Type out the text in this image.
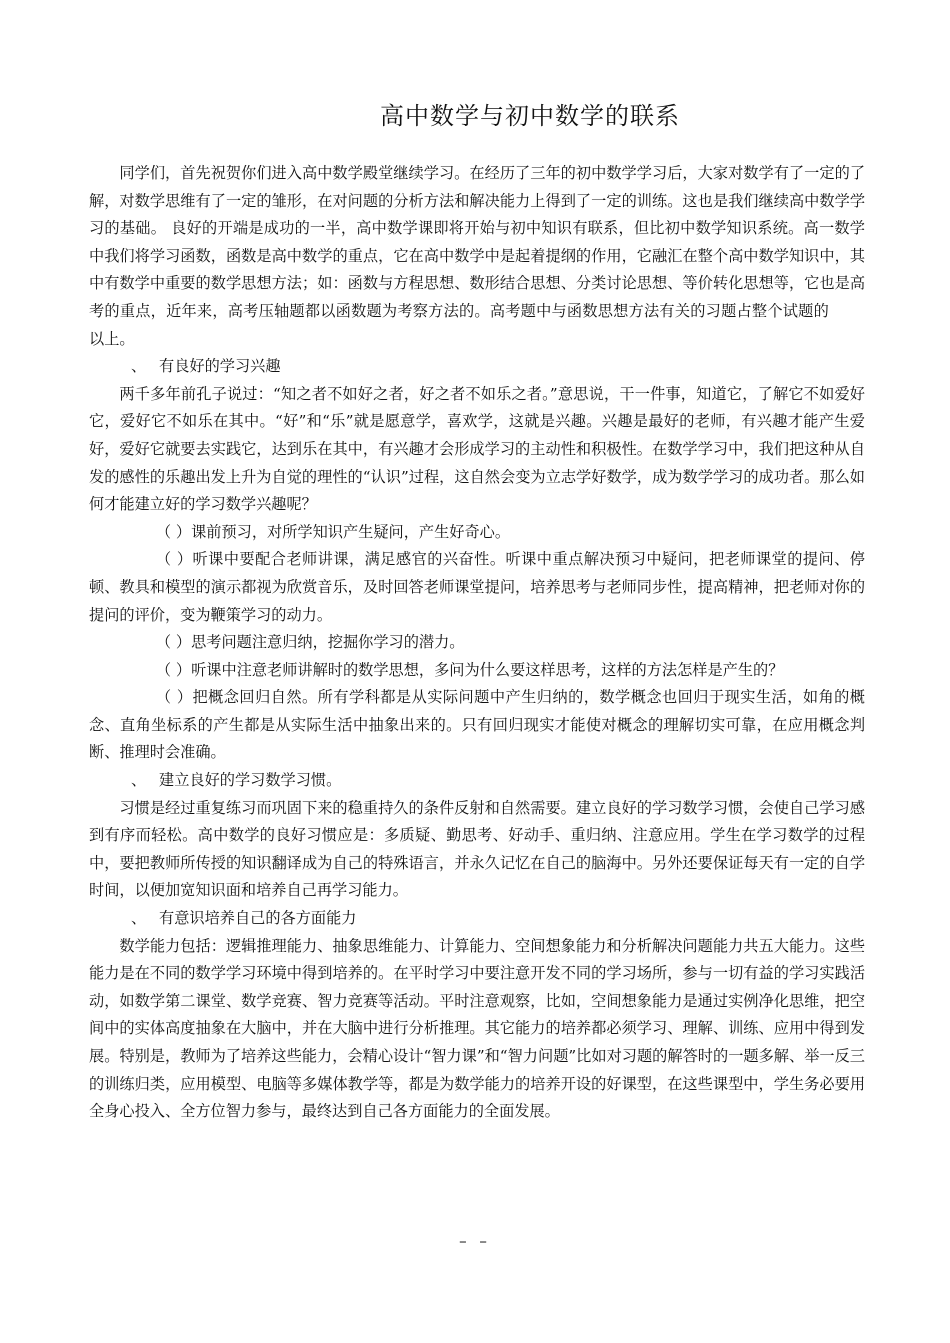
高中数学与初中数学的联系

同学们，首先祝贺你们进入高中数学殿堂继续学习。在经历了三年的初中数学学习后，大家对数学有了一定的了解，对数学思维有了一定的雏形，在对问题的分析方法和解决能力上得到了一定的训练。这也是我们继续高中数学学习的基础。 良好的开端是成功的一半，高中数学课即将开始与初中知识有联系，但比初中数学知识系统。高一数学中我们将学习函数，函数是高中数学的重点，它在高中数学中是起着提纲的作用，它融汇在整个高中数学知识中，其中有数学中重要的数学思想方法；如：函数与方程思想、数形结合思想、分类讨论思想、等价转化思想等，它也是高考的重点，近年来，高考压轴题都以函数题为考察方法的。高考题中与函数思想方法有关的习题占整个试题的以上。

、 有良好的学习兴趣

两千多年前孔子说过：“知之者不如好之者，好之者不如乐之者。”意思说，干一件事，知道它，了解它不如爱好它，爱好它不如乐在其中。“好”和“乐”就是愿意学，喜欢学，这就是兴趣。兴趣是最好的老师，有兴趣才能产生爱好，爱好它就要去实践它，达到乐在其中，有兴趣才会形成学习的主动性和积极性。在数学学习中，我们把这种从自发的感性的乐趣出发上升为自觉的理性的“认识”过程，这自然会变为立志学好数学，成为数学学习的成功者。那么如何才能建立好的学习数学兴趣呢？

（ ）课前预习，对所学知识产生疑问，产生好奇心。

（ ）听课中要配合老师讲课，满足感官的兴奋性。听课中重点解决预习中疑问，把老师课堂的提问、停顿、教具和模型的演示都视为欣赏音乐，及时回答老师课堂提问，培养思考与老师同步性，提高精神，把老师对你的提问的评价，变为鞭策学习的动力。

（ ）思考问题注意归纳，挖掘你学习的潜力。

（ ）听课中注意老师讲解时的数学思想，多问为什么要这样思考，这样的方法怎样是产生的？

（ ）把概念回归自然。所有学科都是从实际问题中产生归纳的，数学概念也回归于现实生活，如角的概念、直角坐标系的产生都是从实际生活中抽象出来的。只有回归现实才能使对概念的理解切实可靠，在应用概念判断、推理时会准确。

、 建立良好的学习数学习惯。

习惯是经过重复练习而巩固下来的稳重持久的条件反射和自然需要。建立良好的学习数学习惯，会使自己学习感到有序而轻松。高中数学的良好习惯应是：多质疑、勤思考、好动手、重归纳、注意应用。学生在学习数学的过程中，要把教师所传授的知识翻译成为自己的特殊语言，并永久记忆在自己的脑海中。另外还要保证每天有一定的自学时间，以便加宽知识面和培养自己再学习能力。

、 有意识培养自己的各方面能力

数学能力包括：逻辑推理能力、抽象思维能力、计算能力、空间想象能力和分析解决问题能力共五大能力。这些能力是在不同的数学学习环境中得到培养的。在平时学习中要注意开发不同的学习场所，参与一切有益的学习实践活动，如数学第二课堂、数学竞赛、智力竞赛等活动。平时注意观察，比如，空间想象能力是通过实例净化思维，把空间中的实体高度抽象在大脑中，并在大脑中进行分析推理。其它能力的培养都必须学习、理解、训练、应用中得到发展。特别是，教师为了培养这些能力，会精心设计“智力课”和“智力问题”比如对习题的解答时的一题多解、举一反三的训练归类，应用模型、电脑等多媒体教学等，都是为数学能力的培养开设的好课型，在这些课型中，学生务必要用全身心投入、全方位智力参与，最终达到自己各方面能力的全面发展。

– –
